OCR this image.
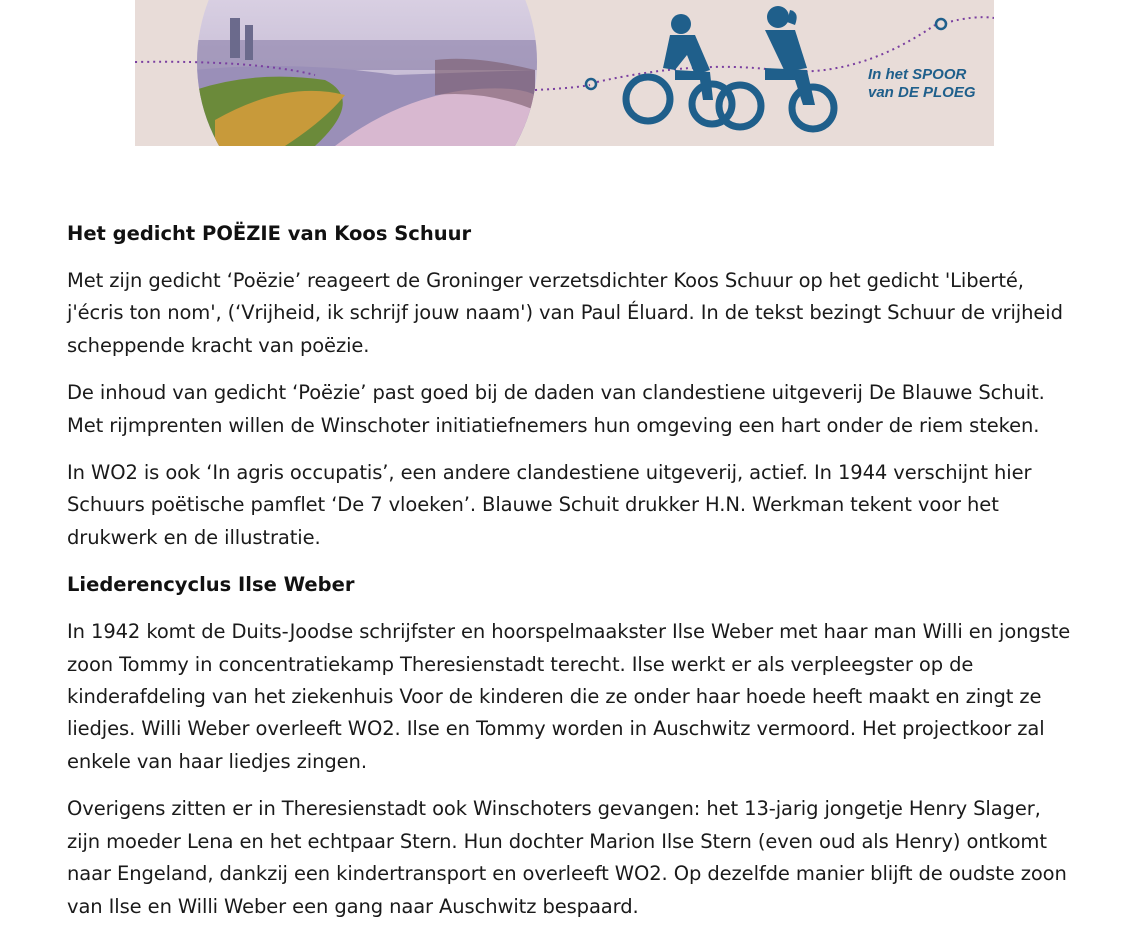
In het SPOOR
van DE PLOEG
Het gedicht POËZIE van Koos Schuur

Met zijn gedicht ‘Poëzie’ reageert de Groninger verzetsdichter Koos Schuur op het gedicht 'Liberté, j'écris ton nom', (‘Vrijheid, ik schrijf jouw naam') van Paul Éluard. In de tekst bezingt Schuur de vrijheid scheppende kracht van poëzie.

De inhoud van gedicht ‘Poëzie’ past goed bij de daden van clandestiene uitgeverij De Blauwe Schuit. Met rijmprenten willen de Winschoter initiatiefnemers hun omgeving een hart onder de riem steken.

In WO2 is ook ‘In agris occupatis’, een andere clandestiene uitgeverij, actief. In 1944 verschijnt hier Schuurs poëtische pamflet ‘De 7 vloeken’. Blauwe Schuit drukker H.N. Werkman tekent voor het drukwerk en de illustratie.

Liederencyclus Ilse Weber

In 1942 komt de Duits-Joodse schrijfster en hoorspelmaakster Ilse Weber met haar man Willi en jongste zoon Tommy in concentratiekamp Theresienstadt terecht. Ilse werkt er als verpleegster op de kinderafdeling van het ziekenhuis Voor de kinderen die ze onder haar hoede heeft maakt en zingt ze liedjes. Willi Weber overleeft WO2. Ilse en Tommy worden in Auschwitz vermoord. Het projectkoor zal enkele van haar liedjes zingen.

Overigens zitten er in Theresienstadt ook Winschoters gevangen: het 13-jarig jongetje Henry Slager, zijn moeder Lena en het echtpaar Stern. Hun dochter Marion Ilse Stern (even oud als Henry) ontkomt naar Engeland, dankzij een kindertransport en overleeft WO2. Op dezelfde manier blijft de oudste zoon van Ilse en Willi Weber een gang naar Auschwitz bespaard.
